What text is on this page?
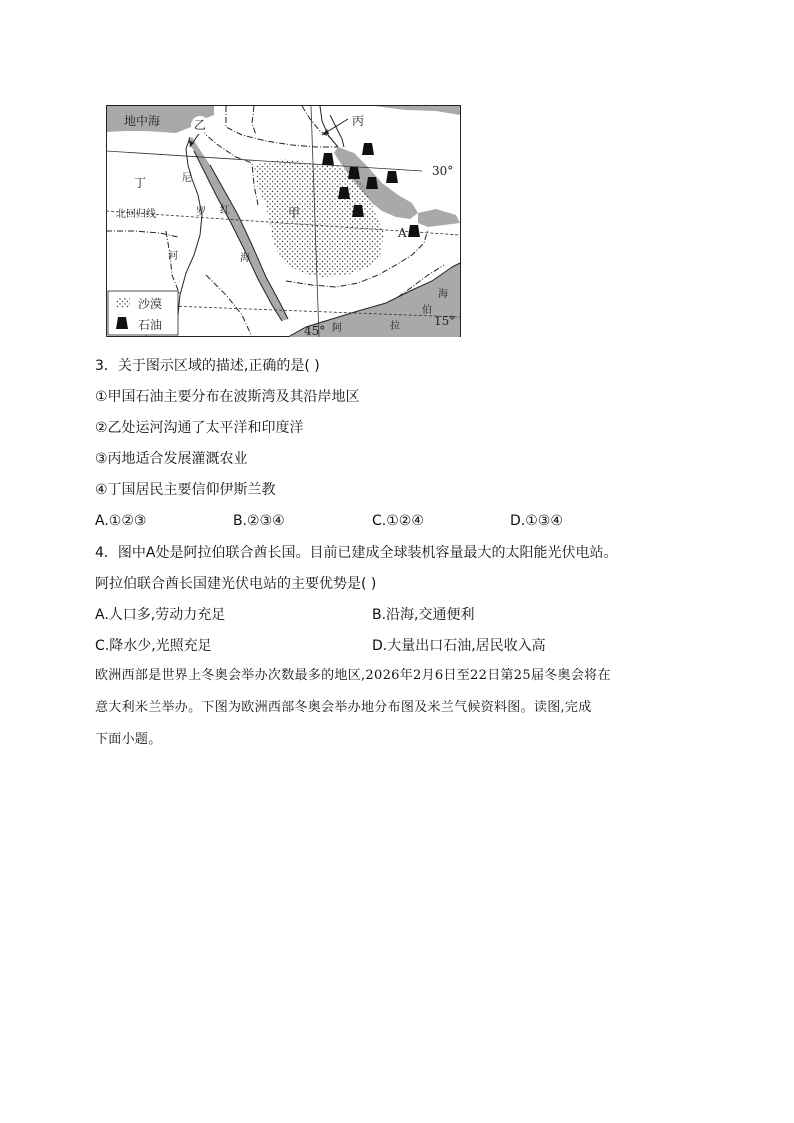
沙漠
石油
地中海	乙	丙
丁
甲
A
尼
罗
河
红
海
北回归线
30°
15°
45° 阿	拉
伯
海
3．关于图示区域的描述,正确的是( )
①甲国石油主要分布在波斯湾及其沿岸地区
②乙处运河沟通了太平洋和印度洋
③丙地适合发展灌溉农业
④丁国居民主要信仰伊斯兰教
A.①②③	B.②③④	C.①②④	D.①③④
4．图中A处是阿拉伯联合酋长国。目前已建成全球装机容量最大的太阳能光伏电站。
阿拉伯联合酋长国建光伏电站的主要优势是( )
A.人口多,劳动力充足	B.沿海,交通便利
C.降水少,光照充足	D.大量出口石油,居民收入高
欧洲西部是世界上冬奥会举办次数最多的地区,2026年2月6日至22日第25届冬奥会将在
意大利米兰举办。下图为欧洲西部冬奥会举办地分布图及米兰气候资料图。读图,完成
下面小题。
